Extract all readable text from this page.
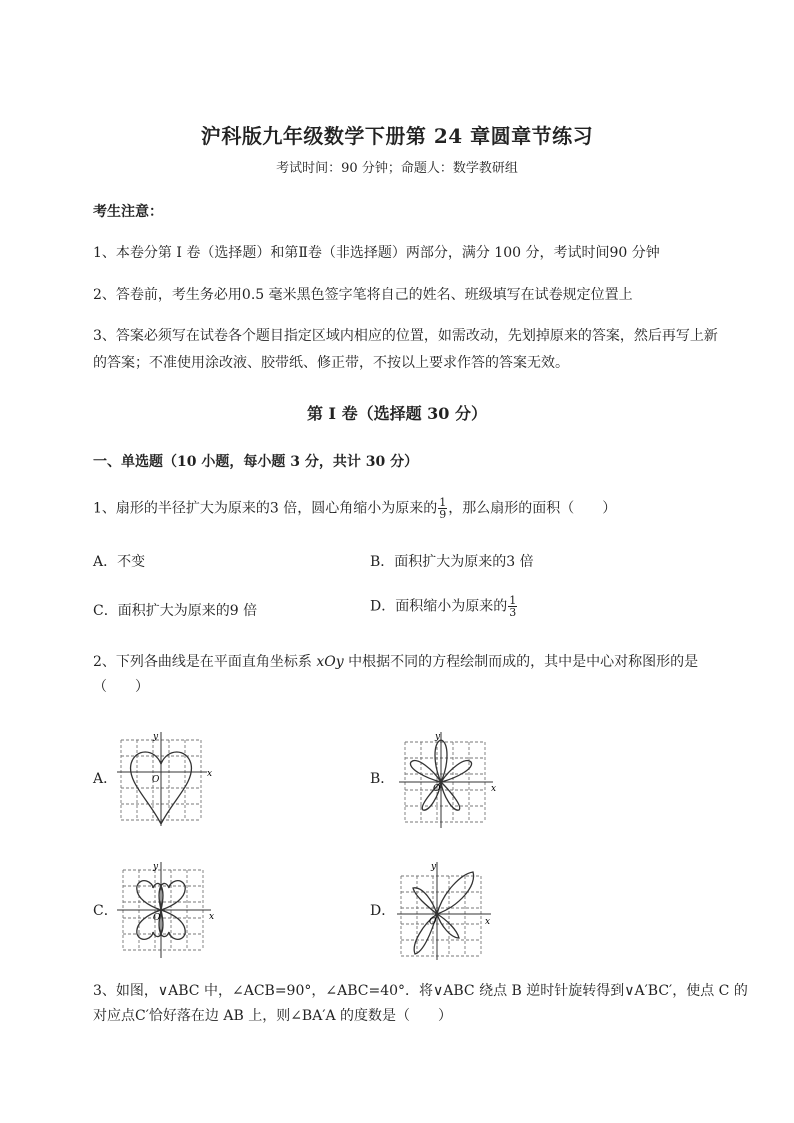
沪科版九年级数学下册第 24 章圆章节练习
考试时间：90 分钟；命题人：数学教研组
考生注意：
1、本卷分第 I 卷（选择题）和第Ⅱ卷（非选择题）两部分，满分 100 分，考试时间90 分钟
2、答卷前，考生务必用0.5 毫米黑色签字笔将自己的姓名、班级填写在试卷规定位置上
3、答案必须写在试卷各个题目指定区域内相应的位置，如需改动，先划掉原来的答案，然后再写上新
的答案；不准使用涂改液、胶带纸、修正带，不按以上要求作答的答案无效。
第 I 卷（选择题 30 分）
一、单选题（10 小题，每小题 3 分，共计 30 分）
1、扇形的半径扩大为原来的3 倍，圆心角缩小为原来的 $\frac{1}{9}$ ，那么扇形的面积（　　）
A．不变	B．面积扩大为原来的3 倍
C．面积扩大为原来的9 倍	D．面积缩小为原来的 $\frac{1}{3}$
2、下列各曲线是在平面直角坐标系 xOy 中根据不同的方程绘制而成的，其中是中心对称图形的是
（　　）
A．	B．
C．	D．
y
x
O
y
x
O
y
x
O
y
x
O
3、如图，∨ABC 中，∠ACB=90°，∠ABC=40°．将∨ABC 绕点 B 逆时针旋转得到∨A′BC′，使点 C 的
对应点C′恰好落在边 AB 上，则∠BA′A 的度数是（　　）
